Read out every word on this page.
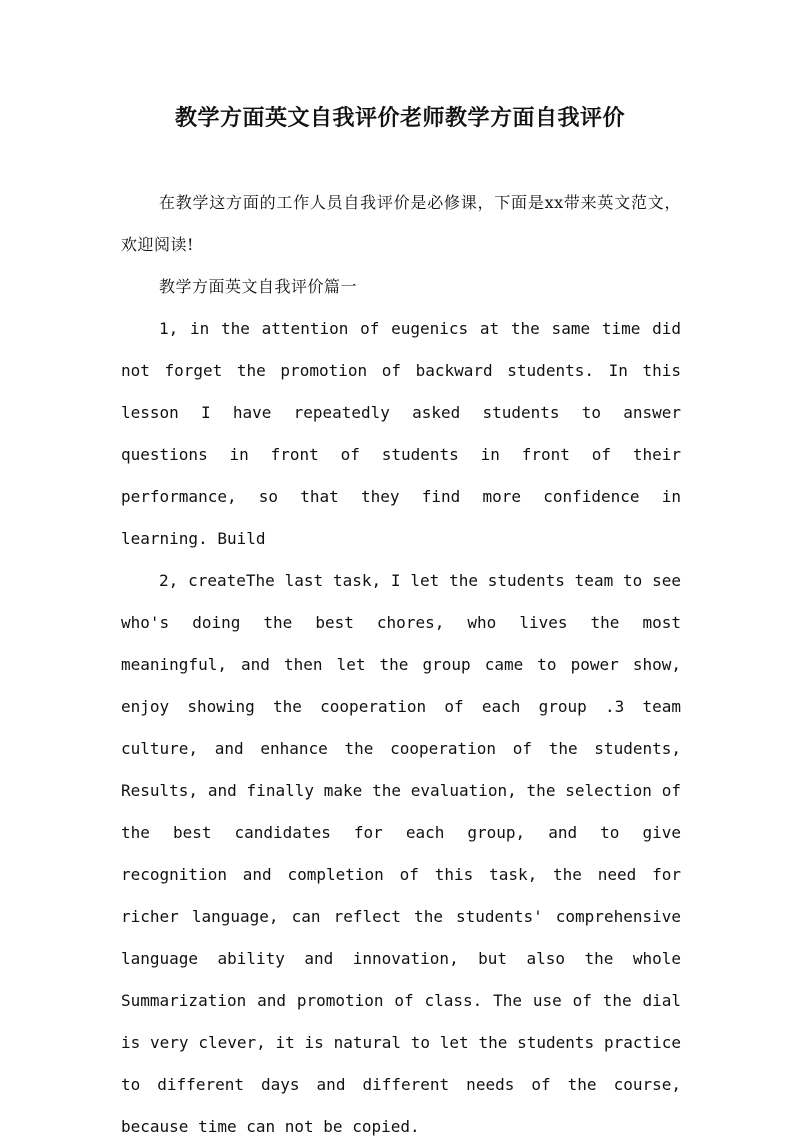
教学方面英文自我评价老师教学方面自我评价

在教学这方面的工作人员自我评价是必修课，下面是xx带来英文范文，欢迎阅读!

教学方面英文自我评价篇一

1, in the attention of eugenics at the same time did not forget the promotion of backward students. In this lesson I have repeatedly asked students to answer questions in front of students in front of their performance, so that they find more confidence in learning. Build

2, createThe last task, I let the students team to see who's doing the best chores, who lives the most meaningful, and then let the group came to power show, enjoy showing the cooperation of each group .3 team culture, and enhance the cooperation of the students, Results, and finally make the evaluation, the selection of the best candidates for each group, and to give recognition and completion of this task, the need for richer language, can reflect the students' comprehensive language ability and innovation, but also the whole Summarization and promotion of class. The use of the dial is very clever, it is natural to let the students practice to different days and different needs of the course, because time can not be copied.
